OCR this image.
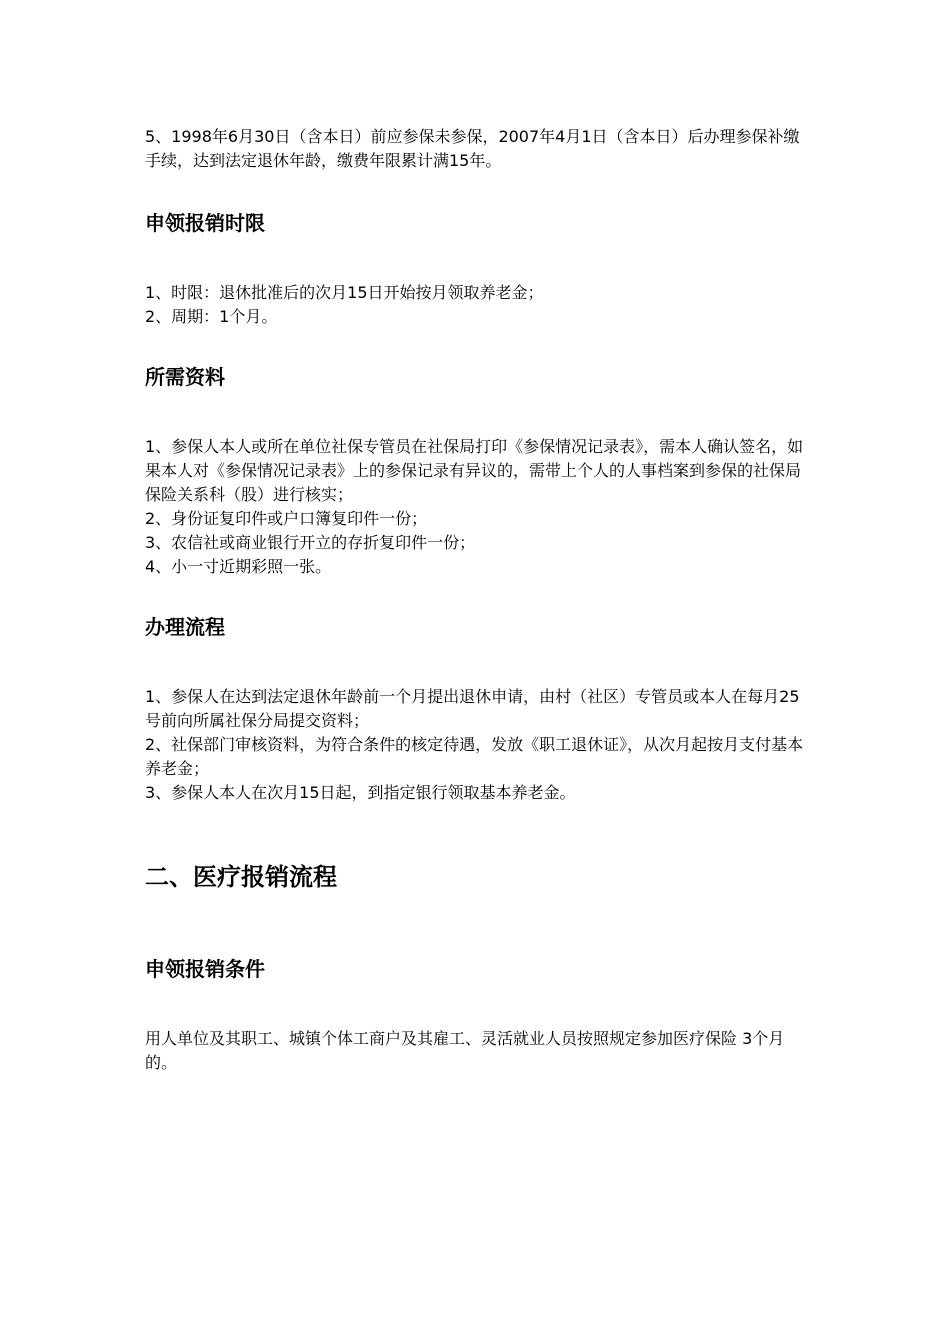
5、1998年6月30日（含本日）前应参保未参保，2007年4月1日（含本日）后办理参保补缴手续，达到法定退休年龄，缴费年限累计满15年。

申领报销时限

1、时限：退休批准后的次月15日开始按月领取养老金；

2、周期：1个月。

所需资料

1、参保人本人或所在单位社保专管员在社保局打印《参保情况记录表》，需本人确认签名，如果本人对《参保情况记录表》上的参保记录有异议的，需带上个人的人事档案到参保的社保局保险关系科（股）进行核实；

2、身份证复印件或户口簿复印件一份；

3、农信社或商业银行开立的存折复印件一份；

4、小一寸近期彩照一张。

办理流程

1、参保人在达到法定退休年龄前一个月提出退休申请，由村（社区）专管员或本人在每月25号前向所属社保分局提交资料；

2、社保部门审核资料，为符合条件的核定待遇，发放《职工退休证》，从次月起按月支付基本养老金；

3、参保人本人在次月15日起，到指定银行领取基本养老金。

二、医疗报销流程
申领报销条件

用人单位及其职工、城镇个体工商户及其雇工、灵活就业人员按照规定参加医疗保险 3个月的。
